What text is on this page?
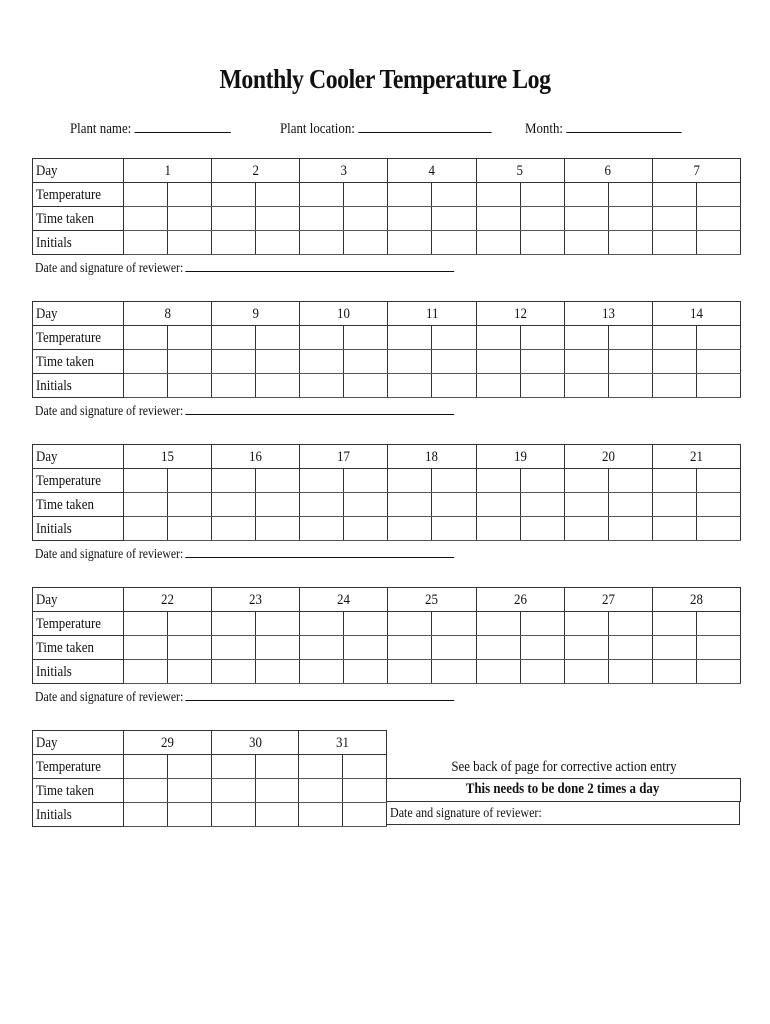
Monthly Cooler Temperature Log
Plant name:	Plant location:	Month:
Day	1		2		3		4		5		6		7	
Temperature														
Time taken														
Initials														
Date and signature of reviewer:
Day	8		9		10		11		12		13		14	
Temperature														
Time taken														
Initials														
Date and signature of reviewer:
Day	15		16		17		18		19		20		21	
Temperature														
Time taken														
Initials														
Date and signature of reviewer:
Day	22		23		24		25		26		27		28	
Temperature														
Time taken														
Initials														
Date and signature of reviewer:
Day	29		30		31	
Temperature						
Time taken						
Initials						
See back of page for corrective action entry
This needs to be done 2 times a day
Date and signature of reviewer:
